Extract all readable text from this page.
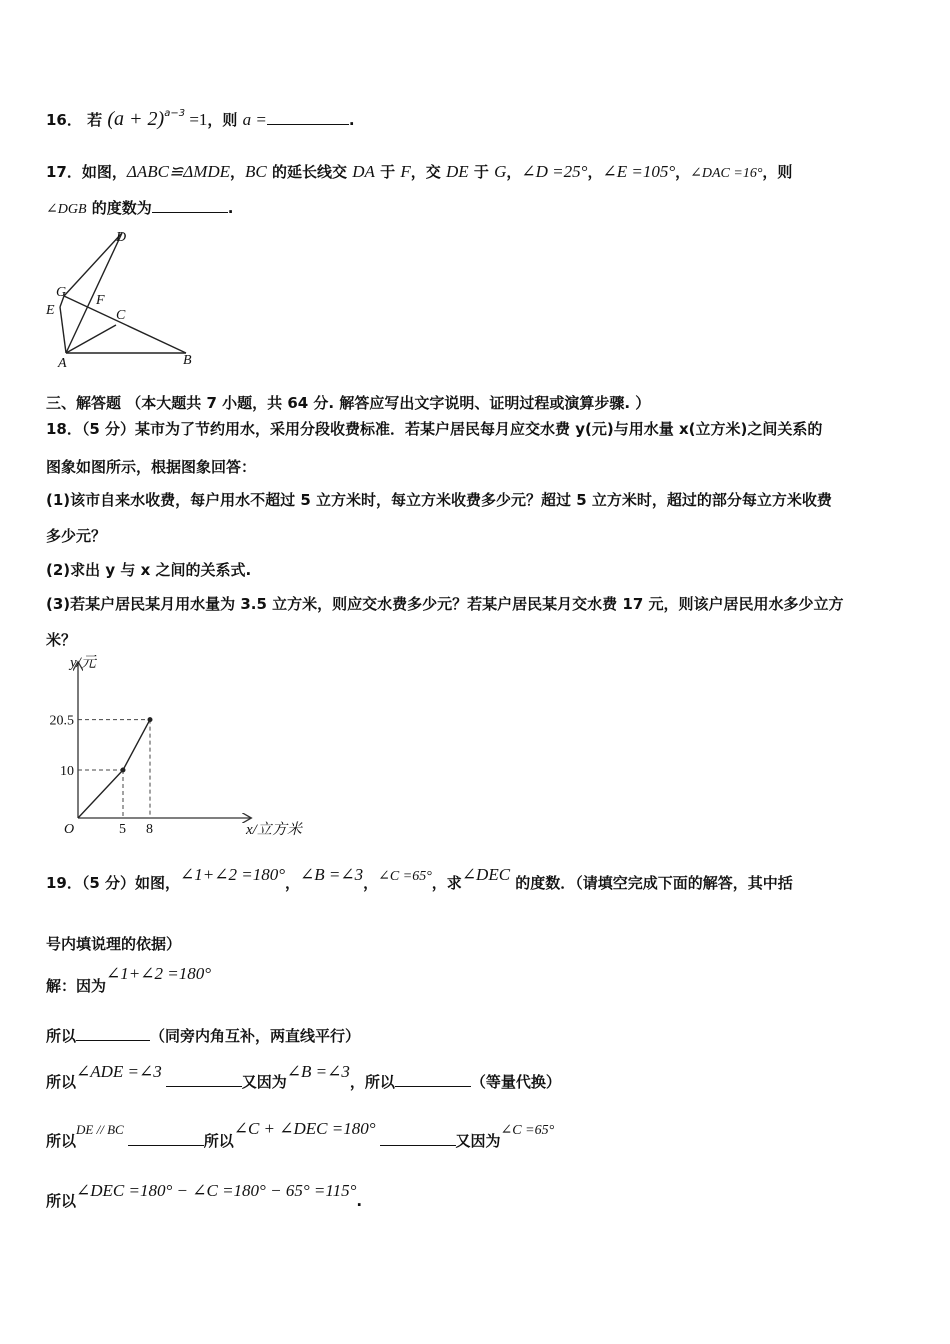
16． 若 $(a + 2)^{a-3} =1$，则 a =	.
17．如图，ΔABC≌ΔMDE，BC 的延长线交 DA 于 F，交 DE 于 G，∠D =25°，∠E =105°，∠DAC =16°，则
∠DGB 的度数为	.
D
G
F
E	C
A	B
三、解答题 （本大题共 7 小题，共 64 分. 解答应写出文字说明、证明过程或演算步骤. ）
18．（5 分）某市为了节约用水，采用分段收费标准．若某户居民每月应交水费 y(元)与用水量 x(立方米)之间关系的
图象如图所示，根据图象回答：
(1)该市自来水收费，每户用水不超过 5 立方米时，每立方米收费多少元？超过 5 立方米时，超过的部分每立方米收费
多少元？
(2)求出 y 与 x 之间的关系式.
(3)若某户居民某月用水量为 3.5 立方米，则应交水费多少元？若某户居民某月交水费 17 元，则该户居民用水多少立方
米？
5 8
10
20.5
y/元
x/立方米
O
19．（5 分）如图，∠1+∠2 =180°，∠B =∠3，∠C =65°，求∠DEC 的度数．（请填空完成下面的解答，其中括
号内填说理的依据）
解：因为∠1+∠2 =180°
所以	（同旁内角互补，两直线平行）
所以∠ADE =∠3又因为∠B =∠3，所以	（等量代换）
所以DE // BC所以∠C + ∠DEC =180°又因为∠C =65°
所以∠DEC =180° − ∠C =180° − 65° =115°.
